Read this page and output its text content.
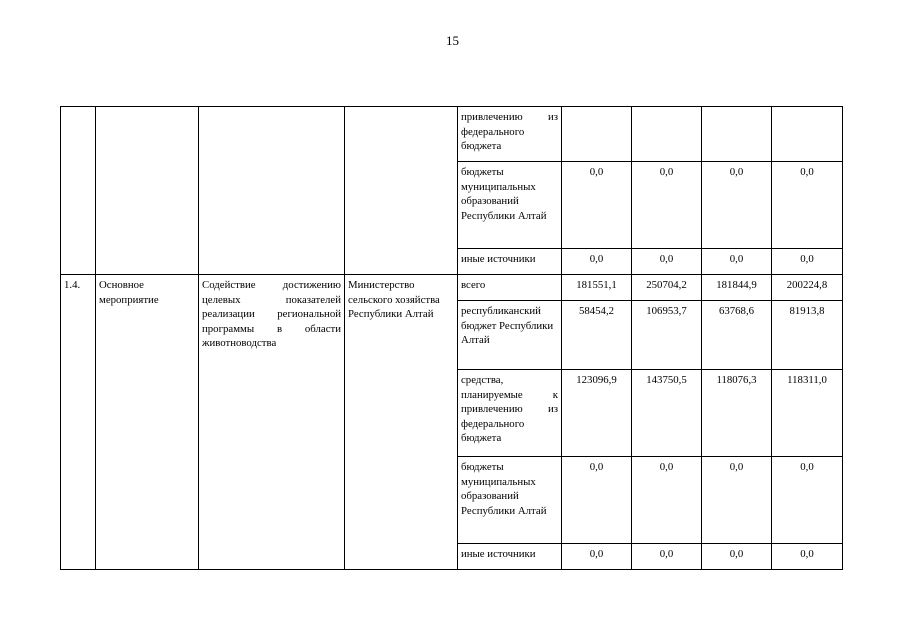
15
				привлечению из федерального бюджета				
				бюджеты муниципальных образований Республики Алтай	0,0	0,0	0,0	0,0
				иные источники	0,0	0,0	0,0	0,0
1.4.	Основное мероприятие	Содействие достижению целевых показателей реализации региональной программы в области животноводства	Министерство сельского хозяйства Республики Алтай	всего	181551,1	250704,2	181844,9	200224,8
				республиканский бюджет Республики Алтай	58454,2	106953,7	63768,6	81913,8
				средства, планируемые к привлечению из федерального бюджета	123096,9	143750,5	118076,3	118311,0
				бюджеты муниципальных образований Республики Алтай	0,0	0,0	0,0	0,0
				иные источники	0,0	0,0	0,0	0,0
